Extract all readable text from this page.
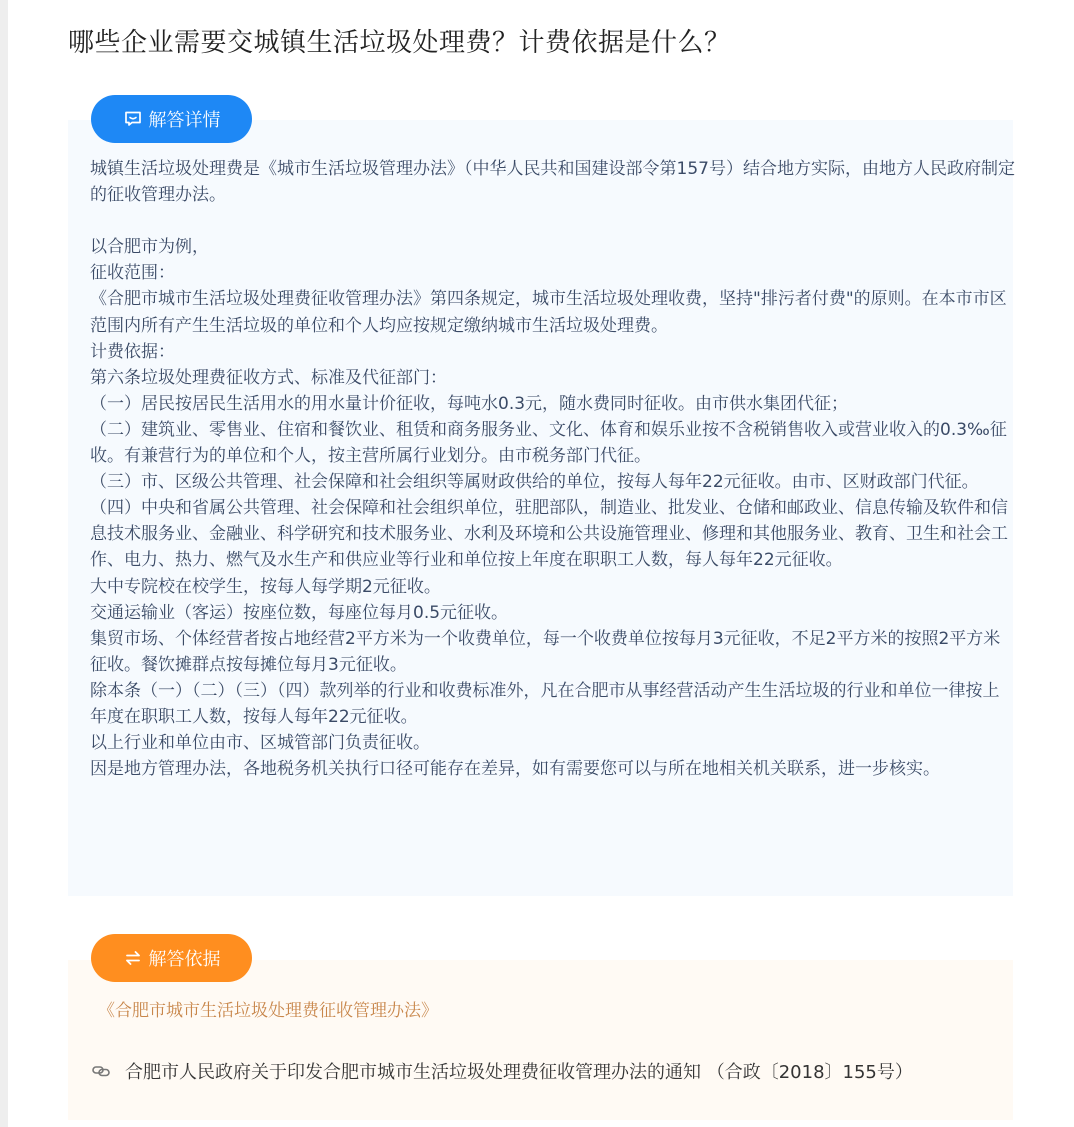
哪些企业需要交城镇生活垃圾处理费？计费依据是什么？
解答详情

城镇生活垃圾处理费是《城市生活垃圾管理办法》（中华人民共和国建设部令第157号）结合地方实际，由地方人民政府制定的征收管理办法。

以合肥市为例，

征收范围：

《合肥市城市生活垃圾处理费征收管理办法》第四条规定，城市生活垃圾处理收费，坚持"排污者付费"的原则。在本市市区范围内所有产生生活垃圾的单位和个人均应按规定缴纳城市生活垃圾处理费。

计费依据：

第六条垃圾处理费征收方式、标准及代征部门：

（一）居民按居民生活用水的用水量计价征收，每吨水0.3元，随水费同时征收。由市供水集团代征；

（二）建筑业、零售业、住宿和餐饮业、租赁和商务服务业、文化、体育和娱乐业按不含税销售收入或营业收入的0.3‰征收。有兼营行为的单位和个人，按主营所属行业划分。由市税务部门代征。

（三）市、区级公共管理、社会保障和社会组织等属财政供给的单位，按每人每年22元征收。由市、区财政部门代征。

（四）中央和省属公共管理、社会保障和社会组织单位，驻肥部队，制造业、批发业、仓储和邮政业、信息传输及软件和信息技术服务业、金融业、科学研究和技术服务业、水利及环境和公共设施管理业、修理和其他服务业、教育、卫生和社会工作、电力、热力、燃气及水生产和供应业等行业和单位按上年度在职职工人数，每人每年22元征收。

大中专院校在校学生，按每人每学期2元征收。

交通运输业（客运）按座位数，每座位每月0.5元征收。

集贸市场、个体经营者按占地经营2平方米为一个收费单位，每一个收费单位按每月3元征收，不足2平方米的按照2平方米征收。餐饮摊群点按每摊位每月3元征收。

除本条（一）（二）（三）（四）款列举的行业和收费标准外，凡在合肥市从事经营活动产生生活垃圾的行业和单位一律按上年度在职职工人数，按每人每年22元征收。

以上行业和单位由市、区城管部门负责征收。

因是地方管理办法，各地税务机关执行口径可能存在差异，如有需要您可以与所在地相关机关联系，进一步核实。

解答依据
《合肥市城市生活垃圾处理费征收管理办法》
合肥市人民政府关于印发合肥市城市生活垃圾处理费征收管理办法的通知 （合政〔2018〕155号）
